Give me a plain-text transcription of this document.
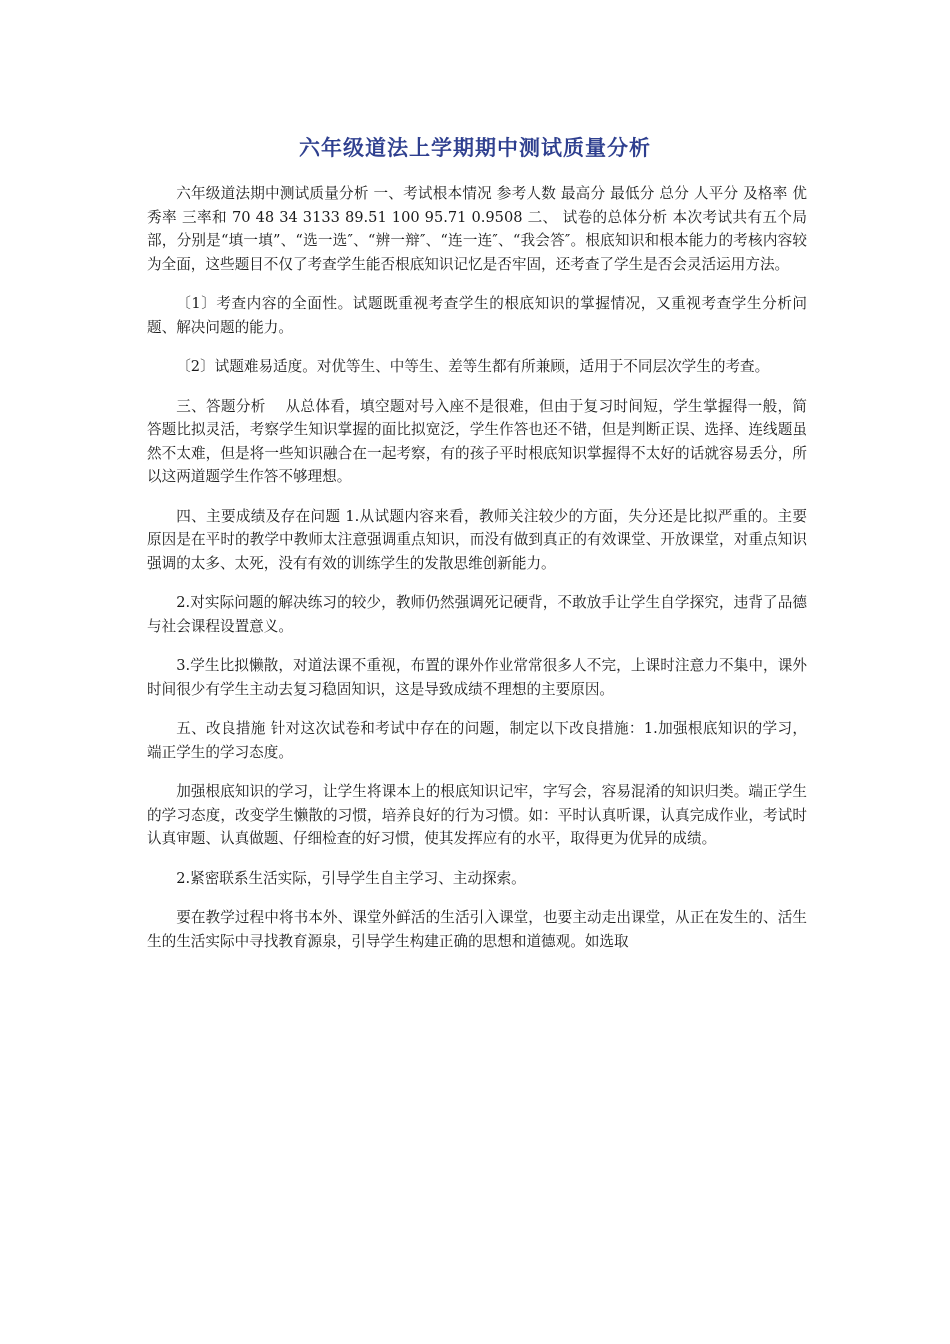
六年级道法上学期期中测试质量分析

六年级道法期中测试质量分析 一、考试根本情况 参考人数 最高分 最低分 总分 人平分 及格率 优秀率 三率和 70 48 34 3133 89.51 100 95.71 0.9508 二、 试卷的总体分析 本次考试共有五个局部，分别是“填一填”、“选一选″、“辨一辩″、“连一连″、“我会答″。根底知识和根本能力的考核内容较为全面，这些题目不仅了考查学生能否根底知识记忆是否牢固，还考查了学生是否会灵活运用方法。

〔1〕考查内容的全面性。试题既重视考查学生的根底知识的掌握情况，又重视考查学生分析问题、解决问题的能力。

〔2〕试题难易适度。对优等生、中等生、差等生都有所兼顾，适用于不同层次学生的考查。

三、答题分析　 从总体看，填空题对号入座不是很难，但由于复习时间短，学生掌握得一般，简答题比拟灵活，考察学生知识掌握的面比拟宽泛，学生作答也还不错，但是判断正误、选择、连线题虽然不太难，但是将一些知识融合在一起考察，有的孩子平时根底知识掌握得不太好的话就容易丢分，所以这两道题学生作答不够理想。

四、主要成绩及存在问题 1.从试题内容来看，教师关注较少的方面，失分还是比拟严重的。主要原因是在平时的教学中教师太注意强调重点知识，而没有做到真正的有效课堂、开放课堂，对重点知识强调的太多、太死，没有有效的训练学生的发散思维创新能力。

2.对实际问题的解决练习的较少，教师仍然强调死记硬背，不敢放手让学生自学探究，违背了品德与社会课程设置意义。

3.学生比拟懒散，对道法课不重视，布置的课外作业常常很多人不完，上课时注意力不集中，课外时间很少有学生主动去复习稳固知识，这是导致成绩不理想的主要原因。

五、改良措施 针对这次试卷和考试中存在的问题，制定以下改良措施：1.加强根底知识的学习，端正学生的学习态度。

加强根底知识的学习，让学生将课本上的根底知识记牢，字写会，容易混淆的知识归类。端正学生的学习态度，改变学生懒散的习惯，培养良好的行为习惯。如：平时认真听课，认真完成作业，考试时认真审题、认真做题、仔细检查的好习惯，使其发挥应有的水平，取得更为优异的成绩。

2.紧密联系生活实际，引导学生自主学习、主动探索。

要在教学过程中将书本外、课堂外鲜活的生活引入课堂，也要主动走出课堂，从正在发生的、活生生的生活实际中寻找教育源泉，引导学生构建正确的思想和道德观。如选取
